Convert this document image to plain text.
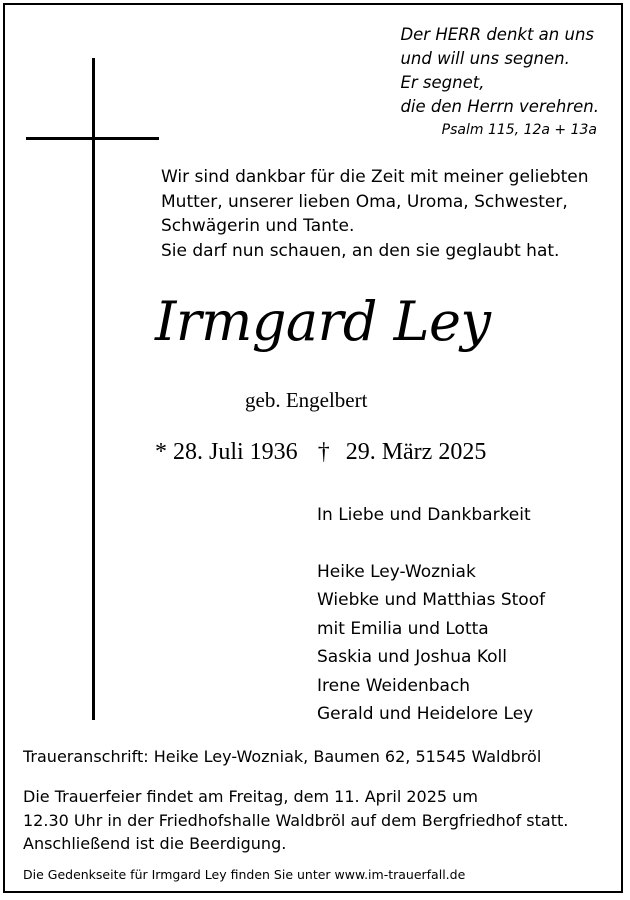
Der HERR denkt an uns
und will uns segnen.
Er segnet,
die den Herrn verehren.
Psalm 115, 12a + 13a
Wir sind dankbar für die Zeit mit meiner geliebten
Mutter, unserer lieben Oma, Uroma, Schwester,
Schwägerin und Tante.
Sie darf nun schauen, an den sie geglaubt hat.
Irmgard Ley
geb. Engelbert
* 28. Juli 1936 † 29. März 2025
In Liebe und Dankbarkeit
Heike Ley-Wozniak
Wiebke und Matthias Stoof
mit Emilia und Lotta
Saskia und Joshua Koll
Irene Weidenbach
Gerald und Heidelore Ley
Traueranschrift: Heike Ley-Wozniak, Baumen 62, 51545 Waldbröl
Die Trauerfeier findet am Freitag, dem 11. April 2025 um
12.30 Uhr in der Friedhofshalle Waldbröl auf dem Bergfriedhof statt.
Anschließend ist die Beerdigung.
Die Gedenkseite für Irmgard Ley finden Sie unter www.im-trauerfall.de
